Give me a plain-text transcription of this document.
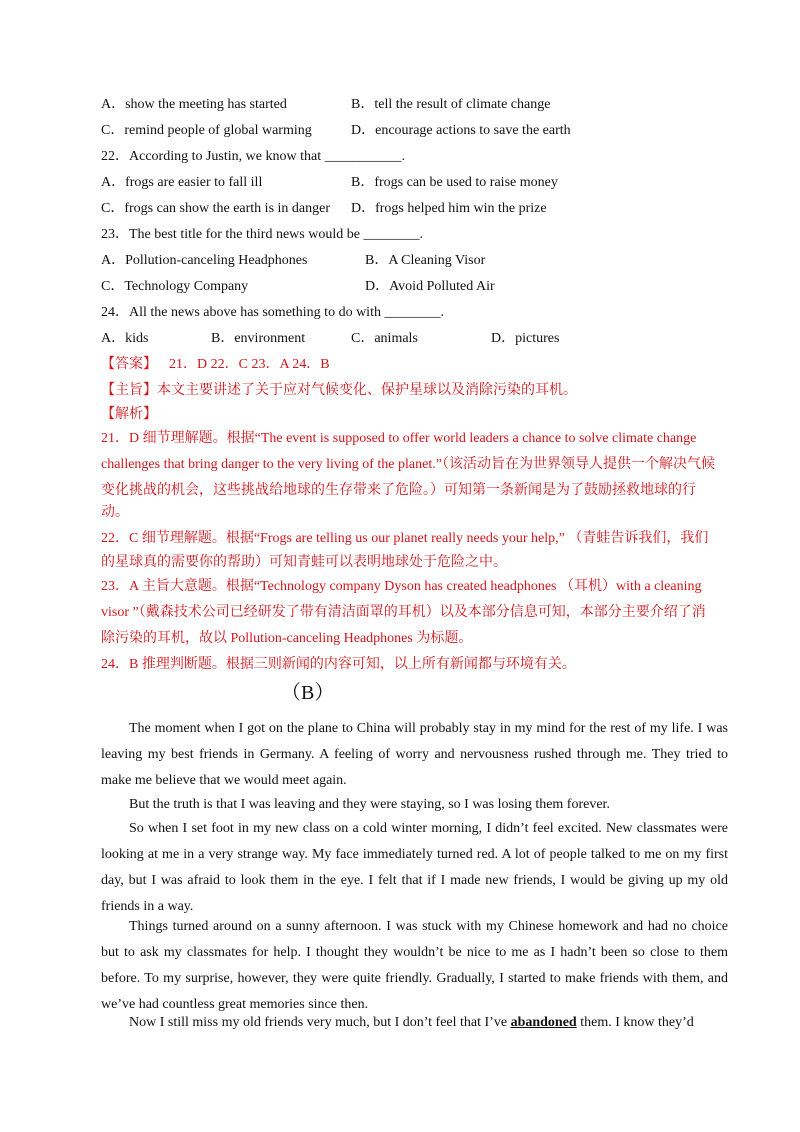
A．show the meeting has started	B．tell the result of climate change
C．remind people of global warming	D．encourage actions to save the earth
22．According to Justin, we know that ___________.
A．frogs are easier to fall ill	B．frogs can be used to raise money
C．frogs can show the earth is in danger D．frogs helped him win the prize
23．The best title for the third news would be ________.
A．Pollution-canceling Headphones	B．A Cleaning Visor
C．Technology Company	D．Avoid Polluted Air
24．All the news above has something to do with ________.
A．kids	B．environment	C．animals	D．pictures
【答案】 21．D 22．C 23．A 24．B
【主旨】本文主要讲述了关于应对气候变化、保护星球以及消除污染的耳机。
【解析】
21．D 细节理解题。根据“The event is supposed to offer world leaders a chance to solve climate change
challenges that bring danger to the very living of the planet.”（该活动旨在为世界领导人提供一个解决气候
变化挑战的机会，这些挑战给地球的生存带来了危险。）可知第一条新闻是为了鼓励拯救地球的行
动。
22．C 细节理解题。根据“Frogs are telling us our planet really needs your help,” （青蛙告诉我们，我们
的星球真的需要你的帮助）可知青蛙可以表明地球处于危险之中。
23．A 主旨大意题。根据“Technology company Dyson has created headphones （耳机）with a cleaning
visor ”（戴森技术公司已经研发了带有清洁面罩的耳机）以及本部分信息可知，本部分主要介绍了消
除污染的耳机，故以 Pollution-canceling Headphones 为标题。
24．B 推理判断题。根据三则新闻的内容可知，以上所有新闻都与环境有关。
（B）
The moment when I got on the plane to China will probably stay in my mind for the rest of my life. I was leaving my best friends in Germany. A feeling of worry and nervousness rushed through me. They tried to make me believe that we would meet again.
But the truth is that I was leaving and they were staying, so I was losing them forever.
So when I set foot in my new class on a cold winter morning, I didn’t feel excited. New classmates were looking at me in a very strange way. My face immediately turned red. A lot of people talked to me on my first day, but I was afraid to look them in the eye. I felt that if I made new friends, I would be giving up my old friends in a way.
Things turned around on a sunny afternoon. I was stuck with my Chinese homework and had no choice but to ask my classmates for help. I thought they wouldn’t be nice to me as I hadn’t been so close to them before. To my surprise, however, they were quite friendly. Gradually, I started to make friends with them, and we’ve had countless great memories since then.
Now I still miss my old friends very much, but I don’t feel that I’ve abandoned them. I know they’d
